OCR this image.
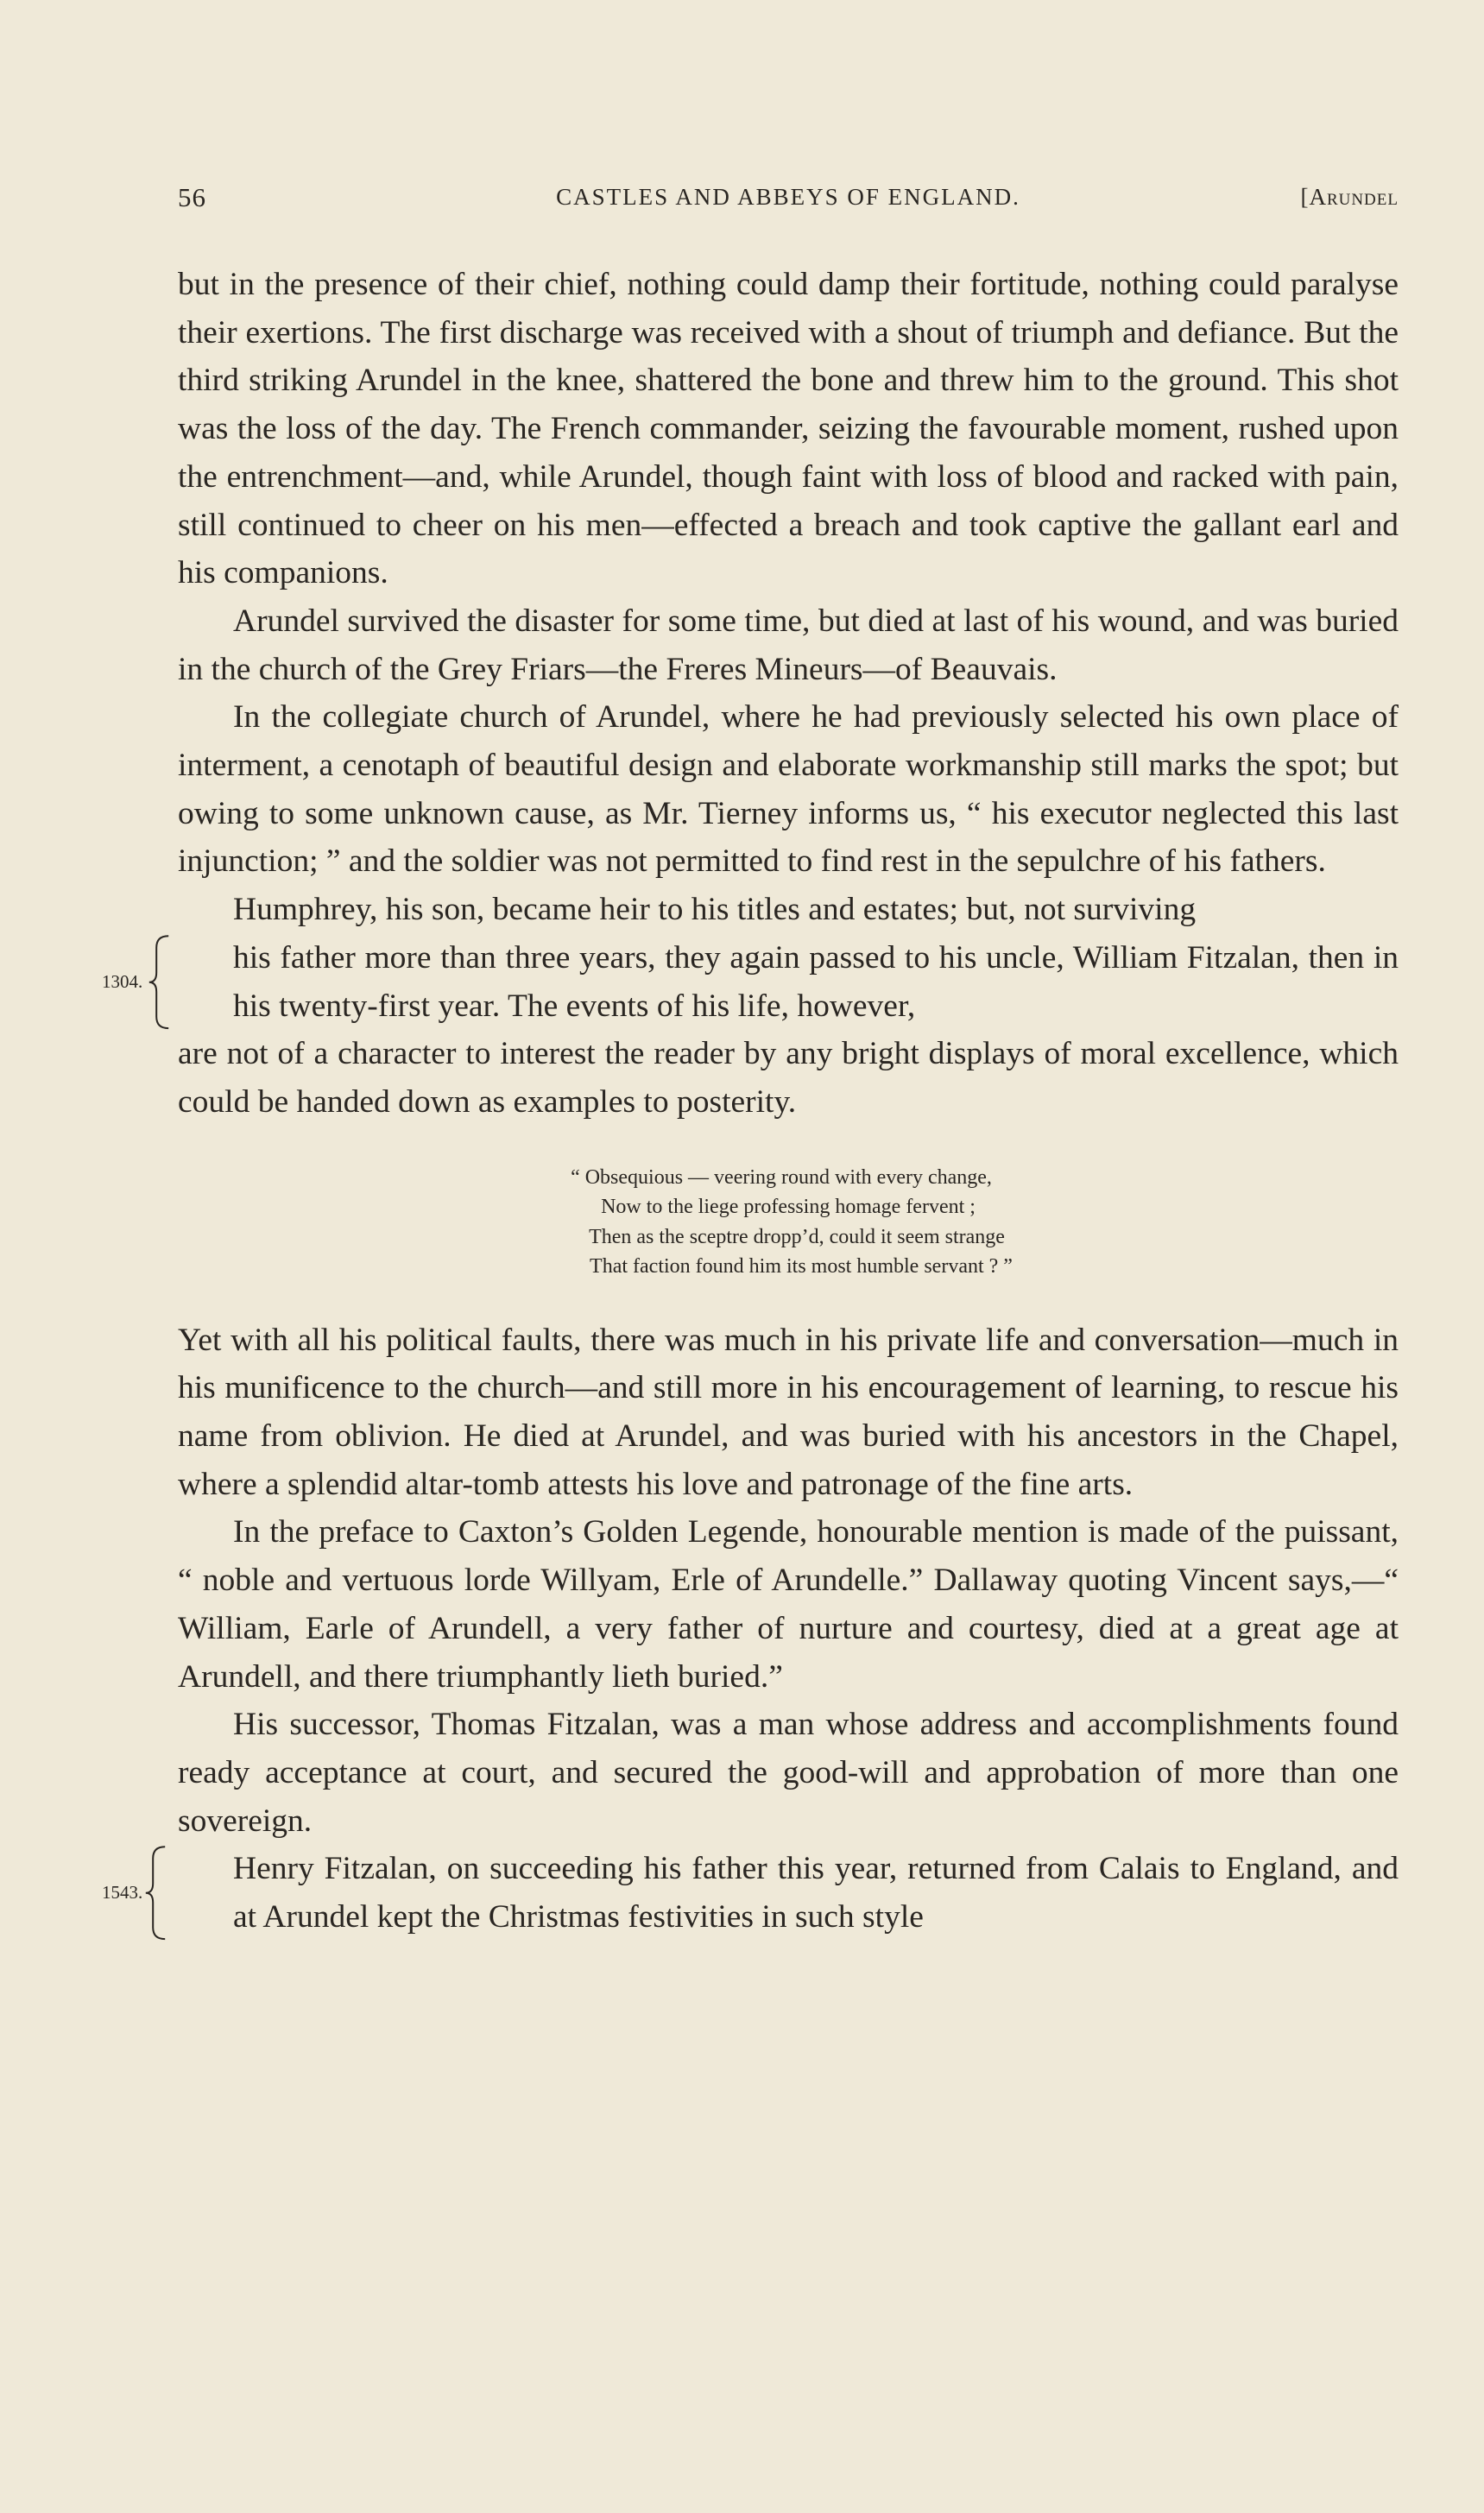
56	CASTLES AND ABBEYS OF ENGLAND.	[Arundel

but in the presence of their chief, nothing could damp their fortitude, nothing could paralyse their exertions. The first discharge was received with a shout of triumph and defiance. But the third striking Arundel in the knee, shattered the bone and threw him to the ground. This shot was the loss of the day. The French commander, seizing the favourable moment, rushed upon the entrenchment—and, while Arundel, though faint with loss of blood and racked with pain, still continued to cheer on his men—effected a breach and took captive the gallant earl and his companions.

Arundel survived the disaster for some time, but died at last of his wound, and was buried in the church of the Grey Friars—the Freres Mineurs—of Beauvais.

In the collegiate church of Arundel, where he had previously selected his own place of interment, a cenotaph of beautiful design and elaborate workmanship still marks the spot; but owing to some unknown cause, as Mr. Tierney informs us, “ his executor neglected this last injunction; ” and the soldier was not permitted to find rest in the sepulchre of his fathers.

Humphrey, his son, became heir to his titles and estates; but, not surviving

1304.

his father more than three years, they again passed to his uncle, William Fitzalan, then in his twenty-first year. The events of his life, however,

are not of a character to interest the reader by any bright displays of moral excellence, which could be handed down as examples to posterity.

“ Obsequious — veering round with every change,

Now to the liege professing homage fervent ;

Then as the sceptre dropp’d, could it seem strange

That faction found him its most humble servant ? ”

Yet with all his political faults, there was much in his private life and conversation—much in his munificence to the church—and still more in his encouragement of learning, to rescue his name from oblivion. He died at Arundel, and was buried with his ancestors in the Chapel, where a splendid altar-tomb attests his love and patronage of the fine arts.

In the preface to Caxton’s Golden Legende, honourable mention is made of the puissant, “ noble and vertuous lorde Willyam, Erle of Arundelle.” Dallaway quoting Vincent says,—“ William, Earle of Arundell, a very father of nurture and courtesy, died at a great age at Arundell, and there triumphantly lieth buried.”

His successor, Thomas Fitzalan, was a man whose address and accomplishments found ready acceptance at court, and secured the good-will and approbation of more than one sovereign.

1543.

Henry Fitzalan, on succeeding his father this year, returned from Calais to England, and at Arundel kept the Christmas festivities in such style
